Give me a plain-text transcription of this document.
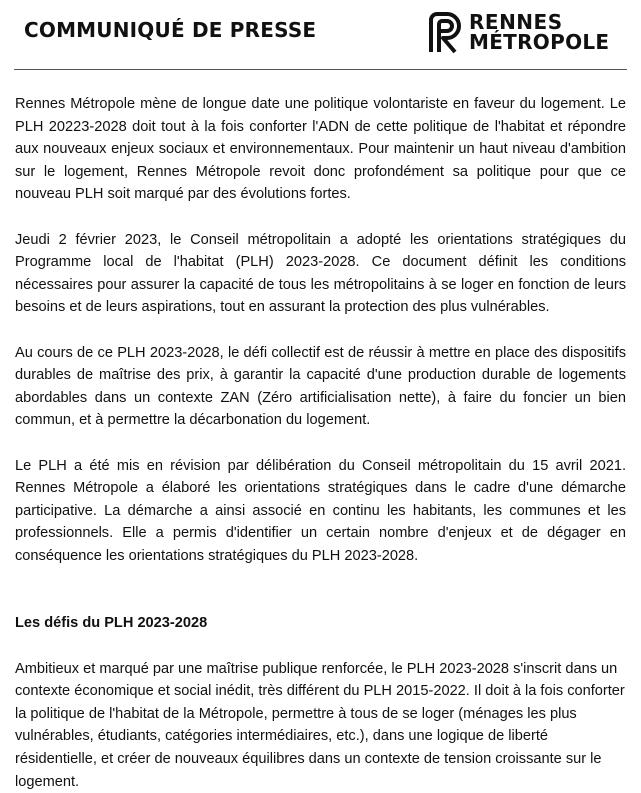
COMMUNIQUÉ DE PRESSE	RENNES
MÉTROPOLE

Rennes Métropole mène de longue date une politique volontariste en faveur du logement. Le PLH 20223-2028 doit tout à la fois conforter l'ADN de cette politique de l'habitat et répondre aux nouveaux enjeux sociaux et environnementaux. Pour maintenir un haut niveau d'ambition sur le logement, Rennes Métropole revoit donc profondément sa politique pour que ce nouveau PLH soit marqué par des évolutions fortes.

Jeudi 2 février 2023, le Conseil métropolitain a adopté les orientations stratégiques du Programme local de l'habitat (PLH) 2023-2028. Ce document définit les conditions nécessaires pour assurer la capacité de tous les métropolitains à se loger en fonction de leurs besoins et de leurs aspirations, tout en assurant la protection des plus vulnérables.

Au cours de ce PLH 2023-2028, le défi collectif est de réussir à mettre en place des dispositifs durables de maîtrise des prix, à garantir la capacité d'une production durable de logements abordables dans un contexte ZAN (Zéro artificialisation nette), à faire du foncier un bien commun, et à permettre la décarbonation du logement.

Le PLH a été mis en révision par délibération du Conseil métropolitain du 15 avril 2021. Rennes Métropole a élaboré les orientations stratégiques dans le cadre d'une démarche participative. La démarche a ainsi associé en continu les habitants, les communes et les professionnels. Elle a permis d'identifier un certain nombre d'enjeux et de dégager en conséquence les orientations stratégiques du PLH 2023-2028.

Les défis du PLH 2023-2028

Ambitieux et marqué par une maîtrise publique renforcée, le PLH 2023-2028 s'inscrit dans un contexte économique et social inédit, très différent du PLH 2015-2022. Il doit à la fois conforter la politique de l'habitat de la Métropole, permettre à tous de se loger (ménages les plus vulnérables, étudiants, catégories intermédiaires, etc.), dans une logique de liberté résidentielle, et créer de nouveaux équilibres dans un contexte de tension croissante sur le logement.
